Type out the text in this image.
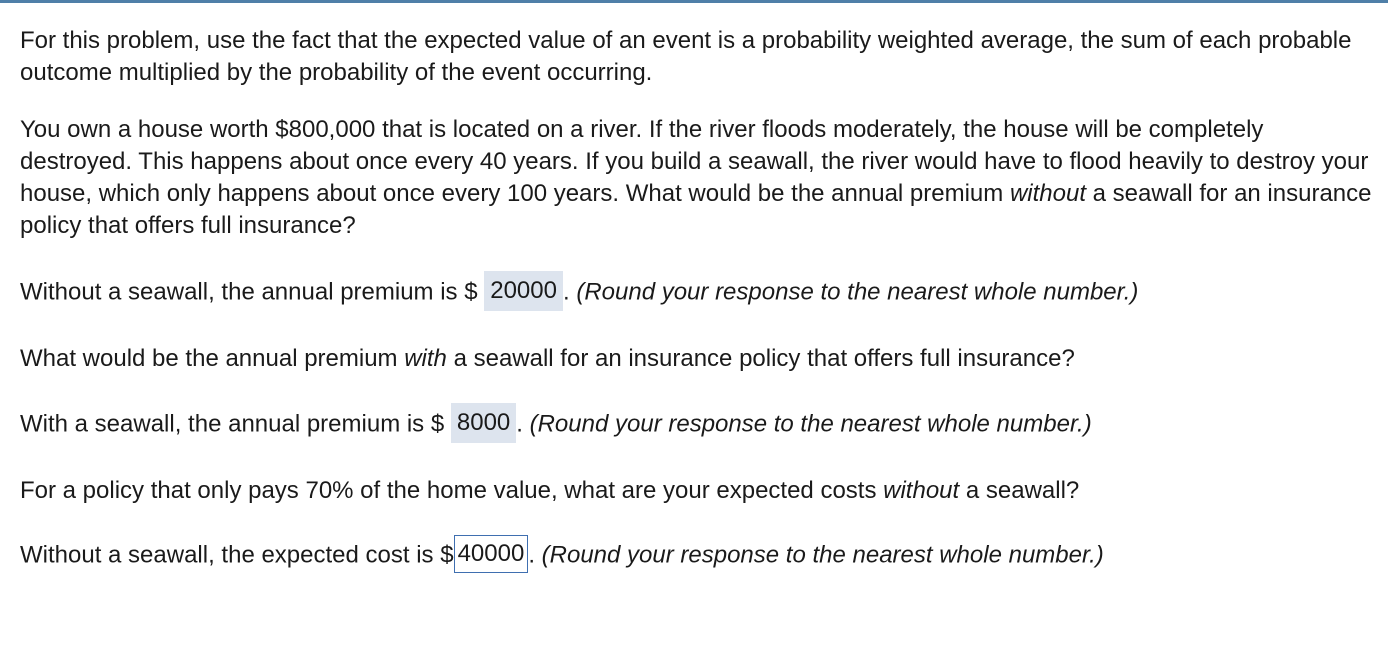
For this problem, use the fact that the expected value of an event is a probability weighted average, the sum of each probable outcome multiplied by the probability of the event occurring.

You own a house worth $800,000 that is located on a river. If the river floods moderately, the house will be completely destroyed. This happens about once every 40 years. If you build a seawall, the river would have to flood heavily to destroy your house, which only happens about once every 100 years. What would be the annual premium without a seawall for an insurance policy that offers full insurance?

Without a seawall, the annual premium is $ 20000 . (Round your response to the nearest whole number.)

What would be the annual premium with a seawall for an insurance policy that offers full insurance?

With a seawall, the annual premium is $ 8000 . (Round your response to the nearest whole number.)

For a policy that only pays 70% of the home value, what are your expected costs without a seawall?

Without a seawall, the expected cost is $ 40000 . (Round your response to the nearest whole number.)
